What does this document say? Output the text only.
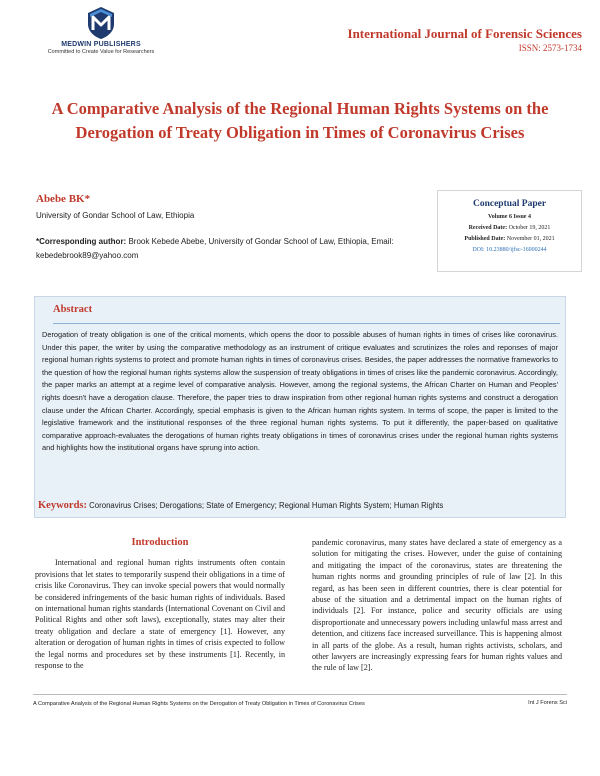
MEDWIN PUBLISHERS
Committed to Create Value for Researchers
International Journal of Forensic Sciences
ISSN: 2573-1734
A Comparative Analysis of the Regional Human Rights Systems on the Derogation of Treaty Obligation in Times of Coronavirus Crises
Abebe BK*
University of Gondar School of Law, Ethiopia
*Corresponding author: Brook Kebede Abebe, University of Gondar School of Law, Ethiopia, Email: kebedebrook89@yahoo.com
Conceptual Paper
Volume 6 Issue 4
Received Date: October 19, 2021
Published Date: November 01, 2021
DOI: 10.23880/ijfsc-16000244
Abstract

Derogation of treaty obligation is one of the critical moments, which opens the door to possible abuses of human rights in times of crises like coronavirus. Under this paper, the writer by using the comparative methodology as an instrument of critique evaluates and scrutinizes the roles and reponses of major regional human rights systems to protect and promote human rights in times of coronavirus crises. Besides, the paper addresses the normative frameworks to the question of how the regional human rights systems allow the suspension of treaty obligations in times of crises like the pandemic coronavirus. Accordingly, the paper marks an attempt at a regime level of comparative analysis. However, among the regional systems, the African Charter on Human and Peoples' rights doesn't have a derogation clause. Therefore, the paper tries to draw inspiration from other regional human rights systems and construct a derogation clause under the African Charter. Accordingly, special emphasis is given to the African human rights system. In terms of scope, the paper is limited to the legislative framework and the institutional responses of the three regional human rights systems. To put it differently, the paper-based on qualitative comparative approach-evaluates the derogations of human rights treaty obligations in times of coronavirus crises under the regional human rights systems and highlights how the institutional organs have sprung into action.

Keywords: Coronavirus Crises; Derogations; State of Emergency; Regional Human Rights System; Human Rights
Introduction

International and regional human rights instruments often contain provisions that let states to temporarily suspend their obligations in a time of crisis like Coronavirus. They can invoke special powers that would normally be considered infringements of the basic human rights of individuals. Based on international human rights standards (International Covenant on Civil and Political Rights and other soft laws), exceptionally, states may alter their treaty obligation and declare a state of emergency [1]. However, any alteration or derogation of human rights in times of crisis expected to follow the legal norms and procedures set by these instruments [1]. Recently, in response to the

pandemic coronavirus, many states have declared a state of emergency as a solution for mitigating the crises. However, under the guise of containing and mitigating the impact of the coronavirus, states are threatening the human rights norms and grounding principles of rule of law [2]. In this regard, as has been seen in different countries, there is clear potential for abuse of the situation and a detrimental impact on the human rights of individuals [2]. For instance, police and security officials are using disproportionate and unnecessary powers including unlawful mass arrest and detention, and citizens face increased surveillance. This is happening almost in all parts of the globe. As a result, human rights activists, scholars, and other lawyers are increasingly expressing fears for human rights values and the rule of law [2].

A Comparative Analysis of the Regional Human Rights Systems on the Derogation of Treaty Obligation in Times of Coronavirus Crises	Int J Forens Sci
